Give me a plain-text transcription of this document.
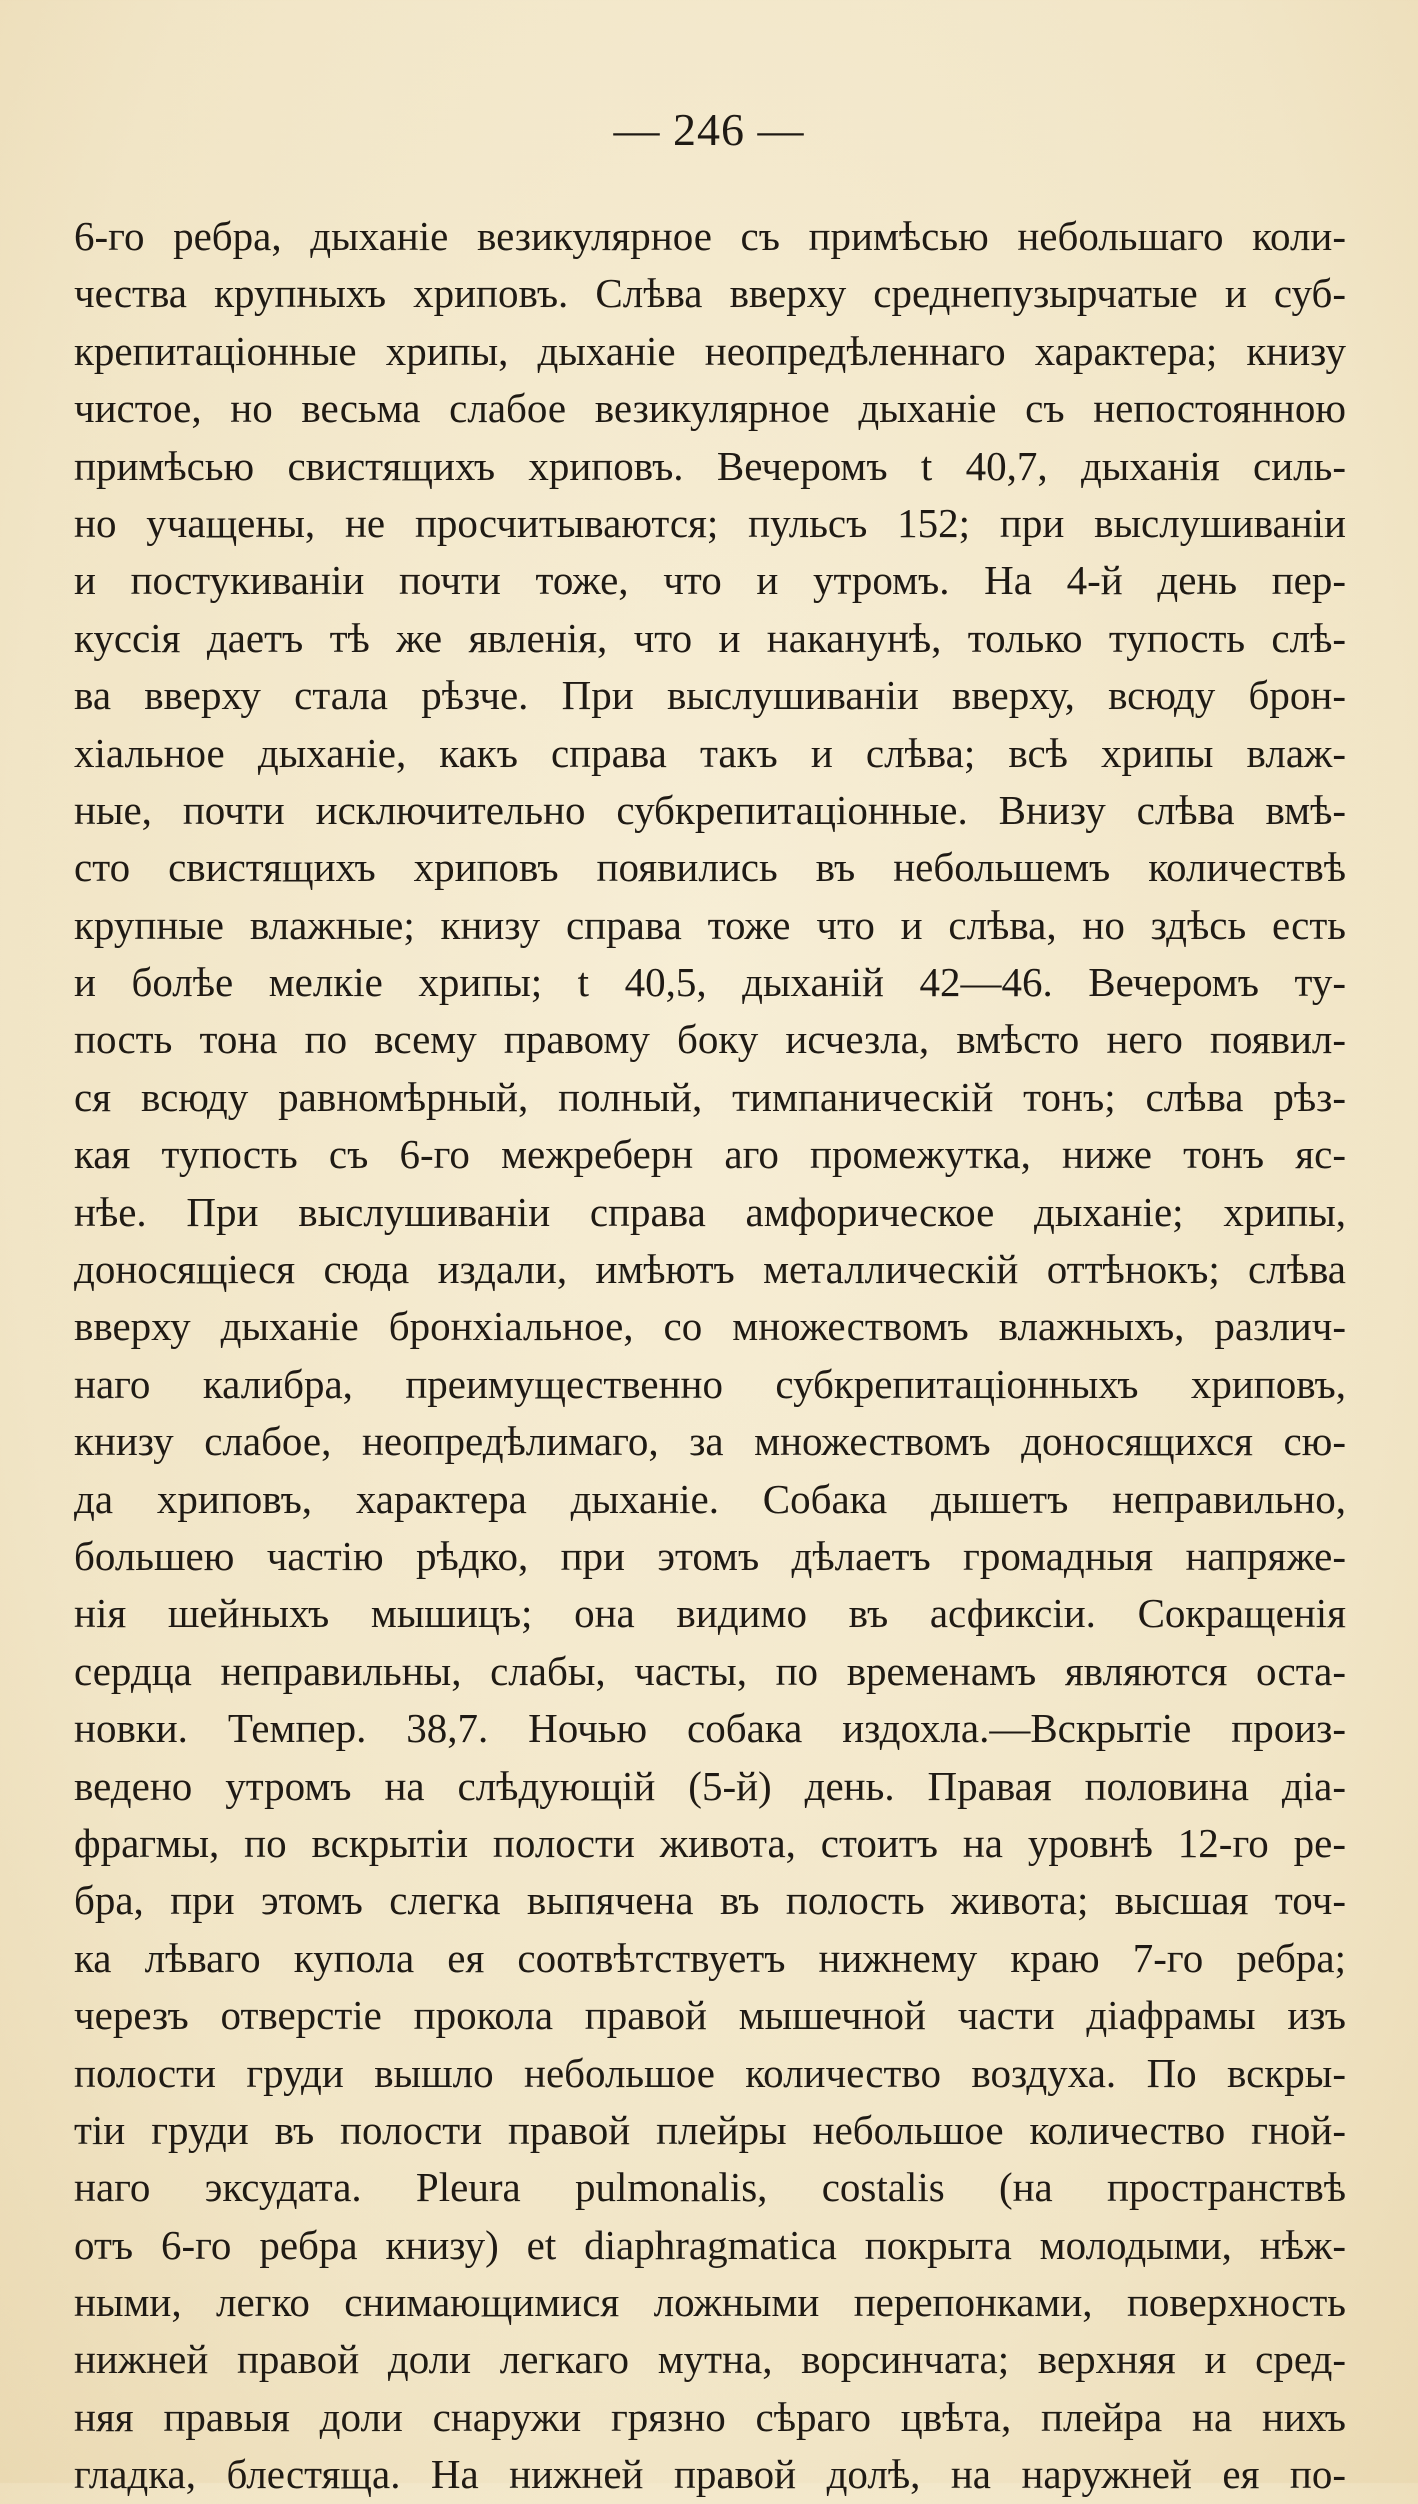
— 246 —
6-го ребра, дыханіе везикулярное съ примѣсью небольшаго коли-
чества крупныхъ хриповъ. Слѣва вверху среднепузырчатые и суб-
крепитаціонные хрипы, дыханіе неопредѣленнаго характера; книзу
чистое, но весьма слабое везикулярное дыханіе съ непостоянною
примѣсью свистящихъ хриповъ. Вечеромъ t 40,7, дыханія силь-
но учащены, не просчитываются; пульсъ 152; при выслушиваніи
и постукиваніи почти тоже, что и утромъ. На 4-й день пер-
куссія даетъ тѣ же явленія, что и наканунѣ, только тупость слѣ-
ва вверху стала рѣзче. При выслушиваніи вверху, всюду брон-
хіальное дыханіе, какъ справа такъ и слѣва; всѣ хрипы влаж-
ные, почти исключительно субкрепитаціонные. Внизу слѣва вмѣ-
сто свистящихъ хриповъ появились въ небольшемъ количествѣ
крупные влажные; книзу справа тоже что и слѣва, но здѣсь есть
и болѣе мелкіе хрипы; t 40,5, дыханій 42—46. Вечеромъ ту-
пость тона по всему правому боку исчезла, вмѣсто него появил-
ся всюду равномѣрный, полный, тимпаническій тонъ; слѣва рѣз-
кая тупость съ 6-го межреберн аго промежутка, ниже тонъ яс-
нѣе. При выслушиваніи справа амфорическое дыханіе; хрипы,
доносящіеся сюда издали, имѣютъ металлическій оттѣнокъ; слѣва
вверху дыханіе бронхіальное, со множествомъ влажныхъ, различ-
наго калибра, преимущественно субкрепитаціонныхъ хриповъ,
книзу слабое, неопредѣлимаго, за множествомъ доносящихся сю-
да хриповъ, характера дыханіе. Собака дышетъ неправильно,
большею частію рѣдко, при этомъ дѣлаетъ громадныя напряже-
нія шейныхъ мышицъ; она видимо въ асфиксіи. Сокращенія
сердца неправильны, слабы, часты, по временамъ являются оста-
новки. Темпер. 38,7. Ночью собака издохла.—Вскрытіе произ-
ведено утромъ на слѣдующій (5-й) день. Правая половина діа-
фрагмы, по вскрытіи полости живота, стоитъ на уровнѣ 12-го ре-
бра, при этомъ слегка выпячена въ полость живота; высшая точ-
ка лѣваго купола ея соотвѣтствуетъ нижнему краю 7-го ребра;
черезъ отверстіе прокола правой мышечной части діафрамы изъ
полости груди вышло небольшое количество воздуха. По вскры-
тіи груди въ полости правой плейры небольшое количество гной-
наго эксудата. Pleura pulmonalis, costalis (на пространствѣ
отъ 6-го ребра книзу) et diaphragmatica покрыта молодыми, нѣж-
ными, легко снимающимися ложными перепонками, поверхность
нижней правой доли легкаго мутна, ворсинчата; верхняя и сред-
няя правыя доли снаружи грязно сѣраго цвѣта, плейра на нихъ
гладка, блестяща. На нижней правой долѣ, на наружней ея по-
